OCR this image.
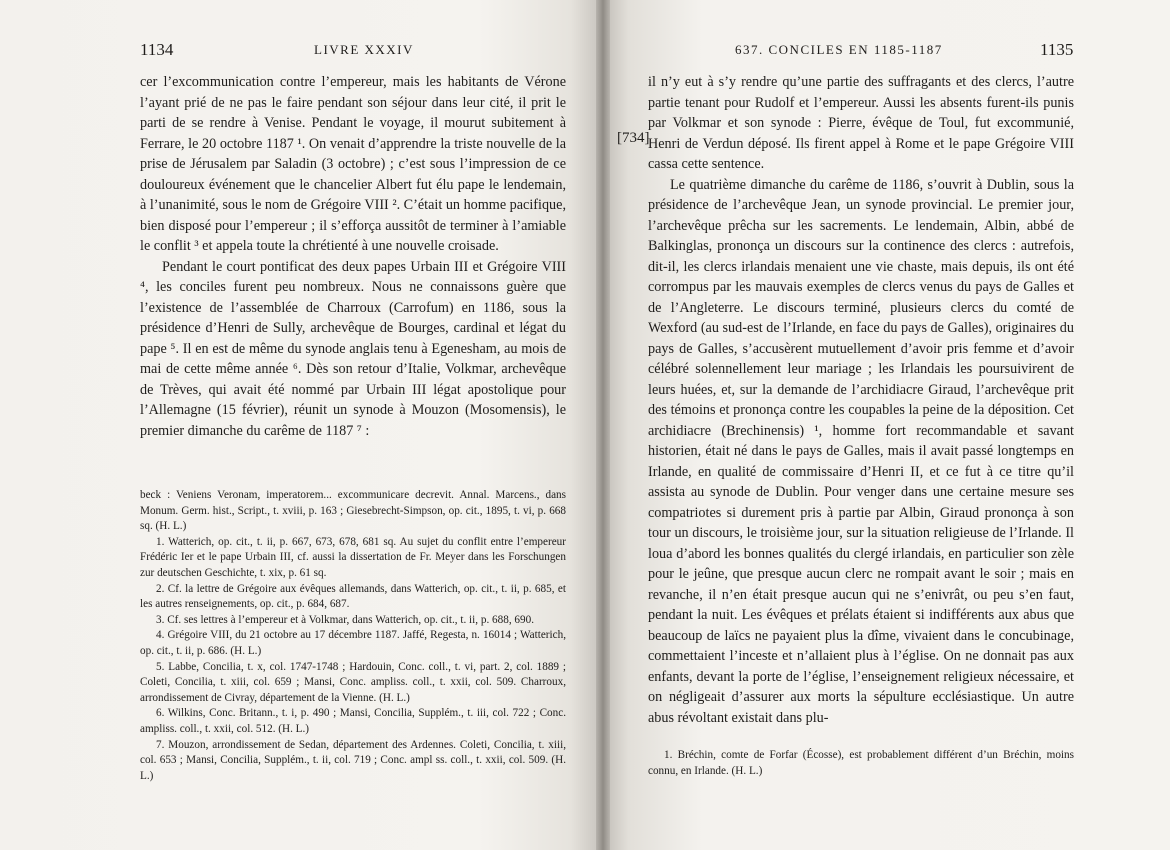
1134	LIVRE XXXIV

cer l’excommunication contre l’empereur, mais les habitants de Vérone l’ayant prié de ne pas le faire pendant son séjour dans leur cité, il prit le parti de se rendre à Venise. Pendant le voyage, il mourut subitement à Ferrare, le 20 octobre 1187 ¹. On venait d’apprendre la triste nouvelle de la prise de Jérusalem par Saladin (3 octobre) ; c’est sous l’impression de ce douloureux événement que le chancelier Albert fut élu pape le lendemain, à l’unanimité, sous le nom de Grégoire VIII ². C’était un homme pacifique, bien disposé pour l’empereur ; il s’efforça aussitôt de terminer à l’amiable le conflit ³ et appela toute la chrétienté à une nouvelle croisade.

Pendant le court pontificat des deux papes Urbain III et Grégoire VIII ⁴, les conciles furent peu nombreux. Nous ne connaissons guère que l’existence de l’assemblée de Charroux (Carrofum) en 1186, sous la présidence d’Henri de Sully, archevêque de Bourges, cardinal et légat du pape ⁵. Il en est de même du synode anglais tenu à Egenesham, au mois de mai de cette même année ⁶. Dès son retour d’Italie, Volkmar, archevêque de Trèves, qui avait été nommé par Urbain III légat apostolique pour l’Allemagne (15 février), réunit un synode à Mouzon (Mosomensis), le premier dimanche du carême de 1187 ⁷ :

beck : Veniens Veronam, imperatorem... excommunicare decrevit. Annal. Marcens., dans Monum. Germ. hist., Script., t. xviii, p. 163 ; Giesebrecht-Simpson, op. cit., 1895, t. vi, p. 668 sq. (H. L.)

1. Watterich, op. cit., t. ii, p. 667, 673, 678, 681 sq. Au sujet du conflit entre l’empereur Frédéric Ier et le pape Urbain III, cf. aussi la dissertation de Fr. Meyer dans les Forschungen zur deutschen Geschichte, t. xix, p. 61 sq.

2. Cf. la lettre de Grégoire aux évêques allemands, dans Watterich, op. cit., t. ii, p. 685, et les autres renseignements, op. cit., p. 684, 687.

3. Cf. ses lettres à l’empereur et à Volkmar, dans Watterich, op. cit., t. ii, p. 688, 690.

4. Grégoire VIII, du 21 octobre au 17 décembre 1187. Jaffé, Regesta, n. 16014 ; Watterich, op. cit., t. ii, p. 686. (H. L.)

5. Labbe, Concilia, t. x, col. 1747-1748 ; Hardouin, Conc. coll., t. vi, part. 2, col. 1889 ; Coleti, Concilia, t. xiii, col. 659 ; Mansi, Conc. ampliss. coll., t. xxii, col. 509. Charroux, arrondissement de Civray, département de la Vienne. (H. L.)

6. Wilkins, Conc. Britann., t. i, p. 490 ; Mansi, Concilia, Supplém., t. iii, col. 722 ; Conc. ampliss. coll., t. xxii, col. 512. (H. L.)

7. Mouzon, arrondissement de Sedan, département des Ardennes. Coleti, Concilia, t. xiii, col. 653 ; Mansi, Concilia, Supplém., t. ii, col. 719 ; Conc. ampl ss. coll., t. xxii, col. 509. (H. L.)

637. CONCILES EN 1185-1187	1135
[734]

il n’y eut à s’y rendre qu’une partie des suffragants et des clercs, l’autre partie tenant pour Rudolf et l’empereur. Aussi les absents furent-ils punis par Volkmar et son synode : Pierre, évêque de Toul, fut excommunié, Henri de Verdun déposé. Ils firent appel à Rome et le pape Grégoire VIII cassa cette sentence.

Le quatrième dimanche du carême de 1186, s’ouvrit à Dublin, sous la présidence de l’archevêque Jean, un synode provincial. Le premier jour, l’archevêque prêcha sur les sacrements. Le lendemain, Albin, abbé de Balkinglas, prononça un discours sur la continence des clercs : autrefois, dit-il, les clercs irlandais menaient une vie chaste, mais depuis, ils ont été corrompus par les mauvais exemples de clercs venus du pays de Galles et de l’Angleterre. Le discours terminé, plusieurs clercs du comté de Wexford (au sud-est de l’Irlande, en face du pays de Galles), originaires du pays de Galles, s’accusèrent mutuellement d’avoir pris femme et d’avoir célébré solennellement leur mariage ; les Irlandais les poursuivirent de leurs huées, et, sur la demande de l’archidiacre Giraud, l’archevêque prit des témoins et prononça contre les coupables la peine de la déposition. Cet archidiacre (Brechinensis) ¹, homme fort recommandable et savant historien, était né dans le pays de Galles, mais il avait passé longtemps en Irlande, en qualité de commissaire d’Henri II, et ce fut à ce titre qu’il assista au synode de Dublin. Pour venger dans une certaine mesure ses compatriotes si durement pris à partie par Albin, Giraud prononça à son tour un discours, le troisième jour, sur la situation religieuse de l’Irlande. Il loua d’abord les bonnes qualités du clergé irlandais, en particulier son zèle pour le jeûne, que presque aucun clerc ne rompait avant le soir ; mais en revanche, il n’en était presque aucun qui ne s’enivrât, ou peu s’en faut, pendant la nuit. Les évêques et prélats étaient si indifférents aux abus que beaucoup de laïcs ne payaient plus la dîme, vivaient dans le concubinage, commettaient l’inceste et n’allaient plus à l’église. On ne donnait pas aux enfants, devant la porte de l’église, l’enseignement religieux nécessaire, et on négligeait d’assurer aux morts la sépulture ecclésiastique. Un autre abus révoltant existait dans plu-

1. Bréchin, comte de Forfar (Écosse), est probablement différent d’un Bréchin, moins connu, en Irlande. (H. L.)
